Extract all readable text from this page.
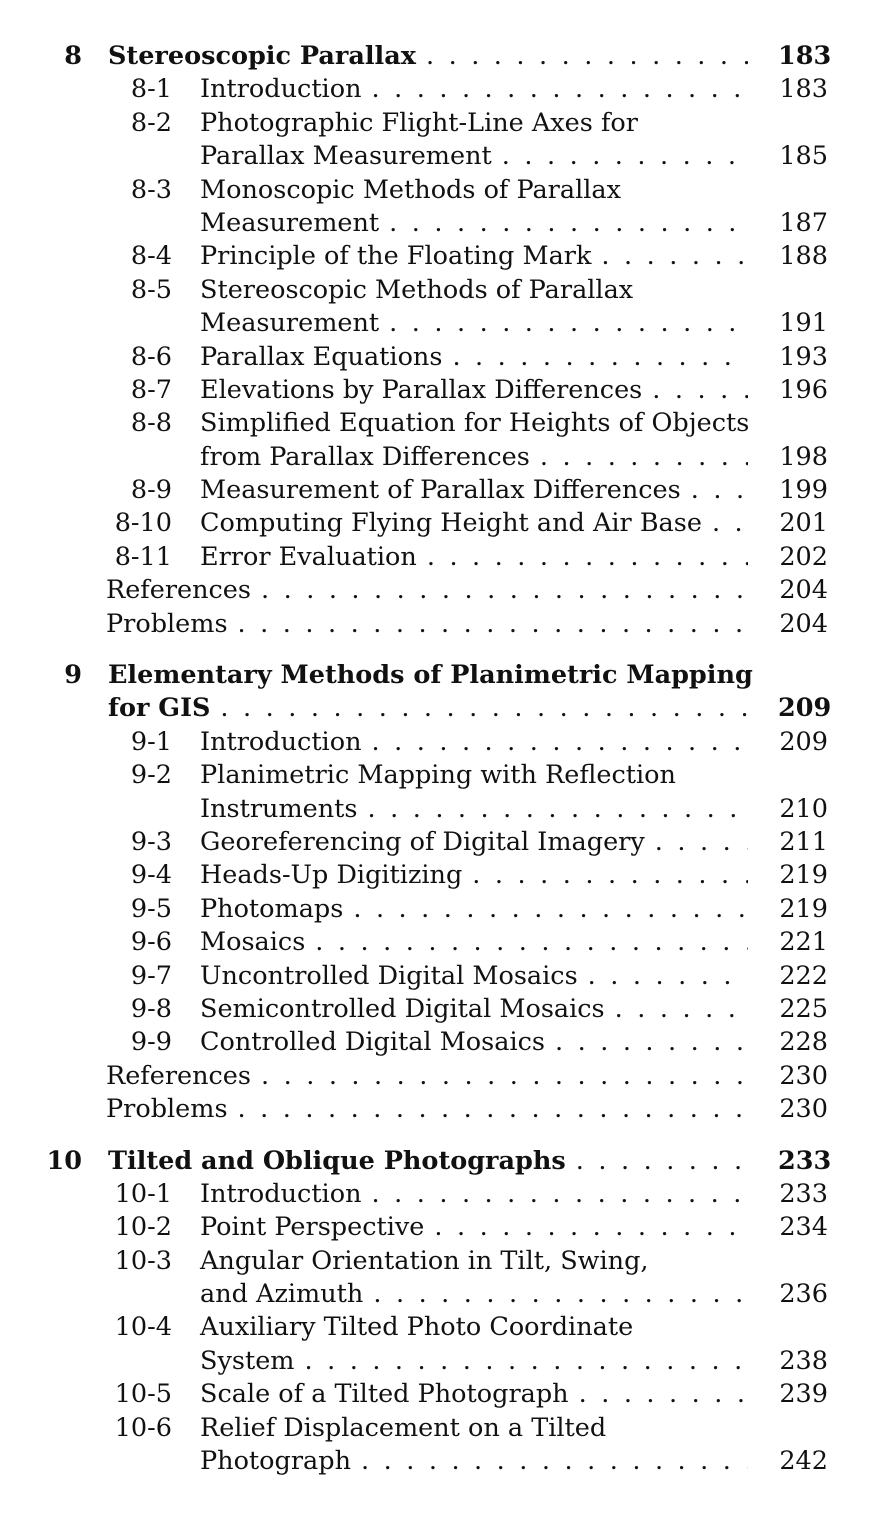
8 Stereoscopic Parallax . . .	183
8-1 Introduction . . .	183
8-2 Photographic Flight-Line Axes for
Parallax Measurement . . .	185
8-3 Monoscopic Methods of Parallax
Measurement . . .	187
8-4 Principle of the Floating Mark . . .	188
8-5 Stereoscopic Methods of Parallax
Measurement . . .	191
8-6 Parallax Equations . . .	193
8-7 Elevations by Parallax Differences . . .	196
8-8 Simplified Equation for Heights of Objects
from Parallax Differences . . .	198
8-9 Measurement of Parallax Differences . . .	199
8-10 Computing Flying Height and Air Base . . .	201
8-11 Error Evaluation . . .	202
References . . .	204
Problems . . .	204
9 Elementary Methods of Planimetric Mapping
for GIS . . .	209
9-1 Introduction . . .	209
9-2 Planimetric Mapping with Reflection
Instruments . . .	210
9-3 Georeferencing of Digital Imagery . . .	211
9-4 Heads-Up Digitizing . . .	219
9-5 Photomaps . . .	219
9-6 Mosaics . . .	221
9-7 Uncontrolled Digital Mosaics . . .	222
9-8 Semicontrolled Digital Mosaics . . .	225
9-9 Controlled Digital Mosaics . . .	228
References . . .	230
Problems . . .	230
10 Tilted and Oblique Photographs . . .	233
10-1 Introduction . . .	233
10-2 Point Perspective . . .	234
10-3 Angular Orientation in Tilt, Swing,
and Azimuth . . .	236
10-4 Auxiliary Tilted Photo Coordinate
System . . .	238
10-5 Scale of a Tilted Photograph . . .	239
10-6 Relief Displacement on a Tilted
Photograph . . .	242
